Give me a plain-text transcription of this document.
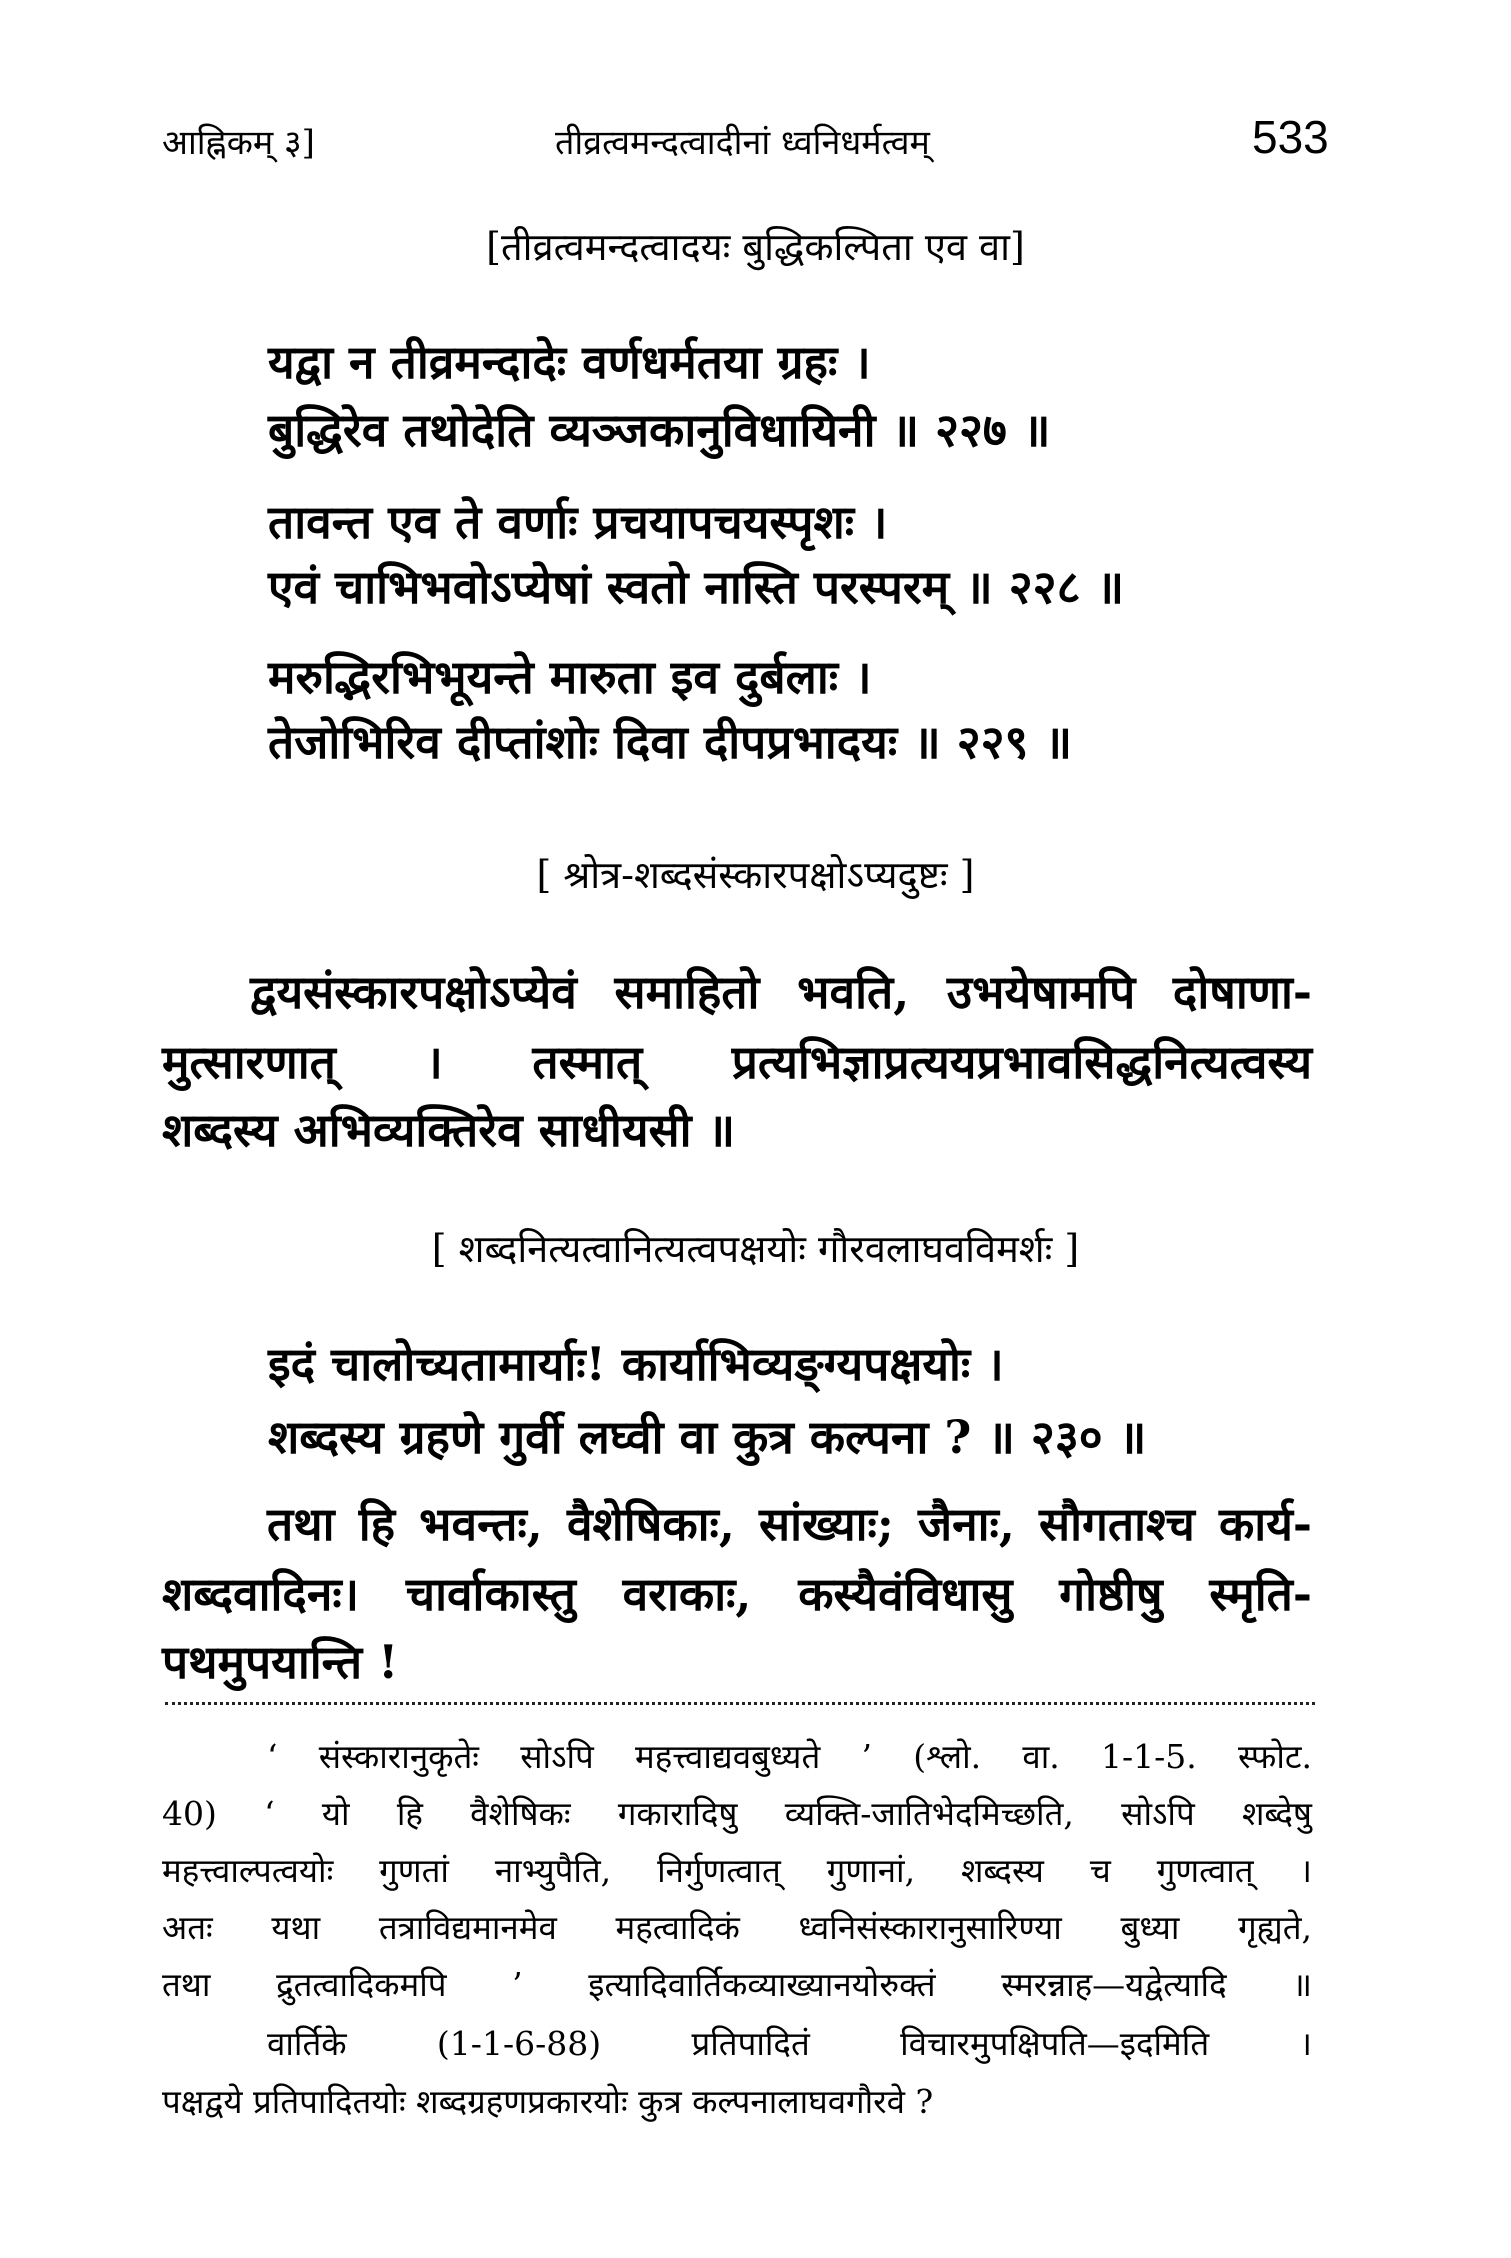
आह्निकम् ३]	तीव्रत्वमन्दत्वादीनां ध्वनिधर्मत्वम्	533
[तीव्रत्वमन्दत्वादयः बुद्धिकल्पिता एव वा]
यद्वा न तीव्रमन्दादेः वर्णधर्मतया ग्रहः ।
बुद्धिरेव तथोदेति व्यञ्जकानुविधायिनी ॥ २२७ ॥
तावन्त एव ते वर्णाः प्रचयापचयस्पृशः ।
एवं चाभिभवोऽप्येषां स्वतो नास्ति परस्परम् ॥ २२८ ॥
मरुद्भिरभिभूयन्ते मारुता इव दुर्बलाः ।
तेजोभिरिव दीप्तांशोः दिवा दीपप्रभादयः ॥ २२९ ॥
[ श्रोत्र-शब्दसंस्कारपक्षोऽप्यदुष्टः ]
द्वयसंस्कारपक्षोऽप्येवं समाहितो भवति, उभयेषामपि दोषाणा-
मुत्सारणात् । तस्मात् प्रत्यभिज्ञाप्रत्ययप्रभावसिद्धनित्यत्वस्य
शब्दस्य अभिव्यक्तिरेव साधीयसी ॥
[ शब्दनित्यत्वानित्यत्वपक्षयोः गौरवलाघवविमर्शः ]
इदं चालोच्यतामार्याः! कार्याभिव्यङ्ग्यपक्षयोः ।
शब्दस्य ग्रहणे गुर्वी लघ्वी वा कुत्र कल्पना ? ॥ २३० ॥
तथा हि भवन्तः, वैशेषिकाः, सांख्याः; जैनाः, सौगताश्च कार्य-
शब्दवादिनः। चार्वाकास्तु वराकाः, कस्यैवंविधासु गोष्ठीषु स्मृति-
पथमुपयान्ति !
‘ संस्कारानुकृतेः सोऽपि महत्त्वाद्यवबुध्यते ’ (श्लो. वा. 1-1-5. स्फोट.
40) ‘ यो हि वैशेषिकः गकारादिषु व्यक्ति-जातिभेदमिच्छति, सोऽपि शब्देषु
महत्त्वाल्पत्वयोः गुणतां नाभ्युपैति, निर्गुणत्वात् गुणानां, शब्दस्य च गुणत्वात् ।
अतः यथा तत्राविद्यमानमेव महत्वादिकं ध्वनिसंस्कारानुसारिण्या बुध्या गृह्यते,
तथा द्रुतत्वादिकमपि ’ इत्यादिवार्तिकव्याख्यानयोरुक्तं स्मरन्नाह—यद्वेत्यादि ॥
वार्तिके (1-1-6-88) प्रतिपादितं विचारमुपक्षिपति—इदमिति ।
पक्षद्वये प्रतिपादितयोः शब्दग्रहणप्रकारयोः कुत्र कल्पनालाघवगौरवे ?
